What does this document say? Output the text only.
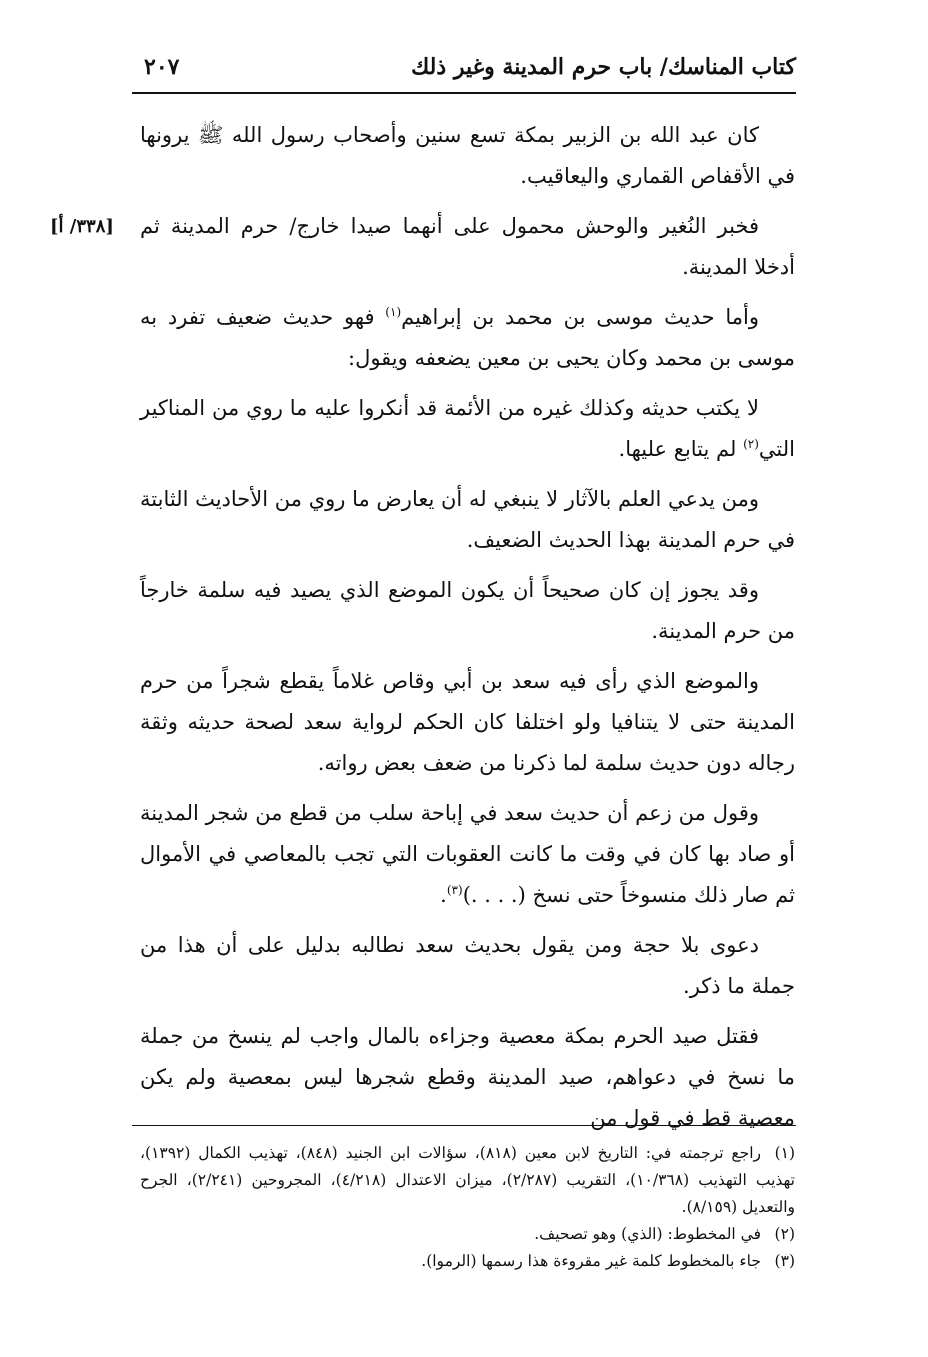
كتاب المناسك/ باب حرم المدينة وغير ذلك
٢٠٧
[٣٣٨/ أ]

كان عبد الله بن الزبير بمكة تسع سنين وأصحاب رسول الله ﷺ يرونها في الأقفاص القماري واليعاقيب.

فخبر النُغير والوحش محمول على أنهما صيدا خارج/ حرم المدينة ثم أدخلا المدينة.

وأما حديث موسى بن محمد بن إبراهيم$^{(١)}$ فهو حديث ضعيف تفرد به موسى بن محمد وكان يحيى بن معين يضعفه ويقول:

لا يكتب حديثه وكذلك غيره من الأئمة قد أنكروا عليه ما روي من المناكير التي$^{(٢)}$ لم يتابع عليها.

ومن يدعي العلم بالآثار لا ينبغي له أن يعارض ما روي من الأحاديث الثابتة في حرم المدينة بهذا الحديث الضعيف.

وقد يجوز إن كان صحيحاً أن يكون الموضع الذي يصيد فيه سلمة خارجاً من حرم المدينة.

والموضع الذي رأى فيه سعد بن أبي وقاص غلاماً يقطع شجراً من حرم المدينة حتى لا يتنافيا ولو اختلفا كان الحكم لرواية سعد لصحة حديثه وثقة رجاله دون حديث سلمة لما ذكرنا من ضعف بعض رواته.

وقول من زعم أن حديث سعد في إباحة سلب من قطع من شجر المدينة أو صاد بها كان في وقت ما كانت العقوبات التي تجب بالمعاصي في الأموال ثم صار ذلك منسوخاً حتى نسخ (. . . .)$^{(٣)}$.

دعوى بلا حجة ومن يقول بحديث سعد نطالبه بدليل على أن هذا من جملة ما ذكر.

فقتل صيد الحرم بمكة معصية وجزاءه بالمال واجب لم ينسخ من جملة ما نسخ في دعواهم، صيد المدينة وقطع شجرها ليس بمعصية ولم يكن معصية قط في قول من

(١)راجع ترجمته في: التاريخ لابن معين (٨١٨)، سؤالات ابن الجنيد (٨٤٨)، تهذيب الكمال (١٣٩٢)، تهذيب التهذيب (١٠/٣٦٨)، التقريب (٢/٢٨٧)، ميزان الاعتدال (٤/٢١٨)، المجروحين (٢/٢٤١)، الجرح والتعديل (٨/١٥٩).

(٢)في المخطوط: (الذي) وهو تصحيف.

(٣)جاء بالمخطوط كلمة غير مقروءة هذا رسمها (الرموا).
